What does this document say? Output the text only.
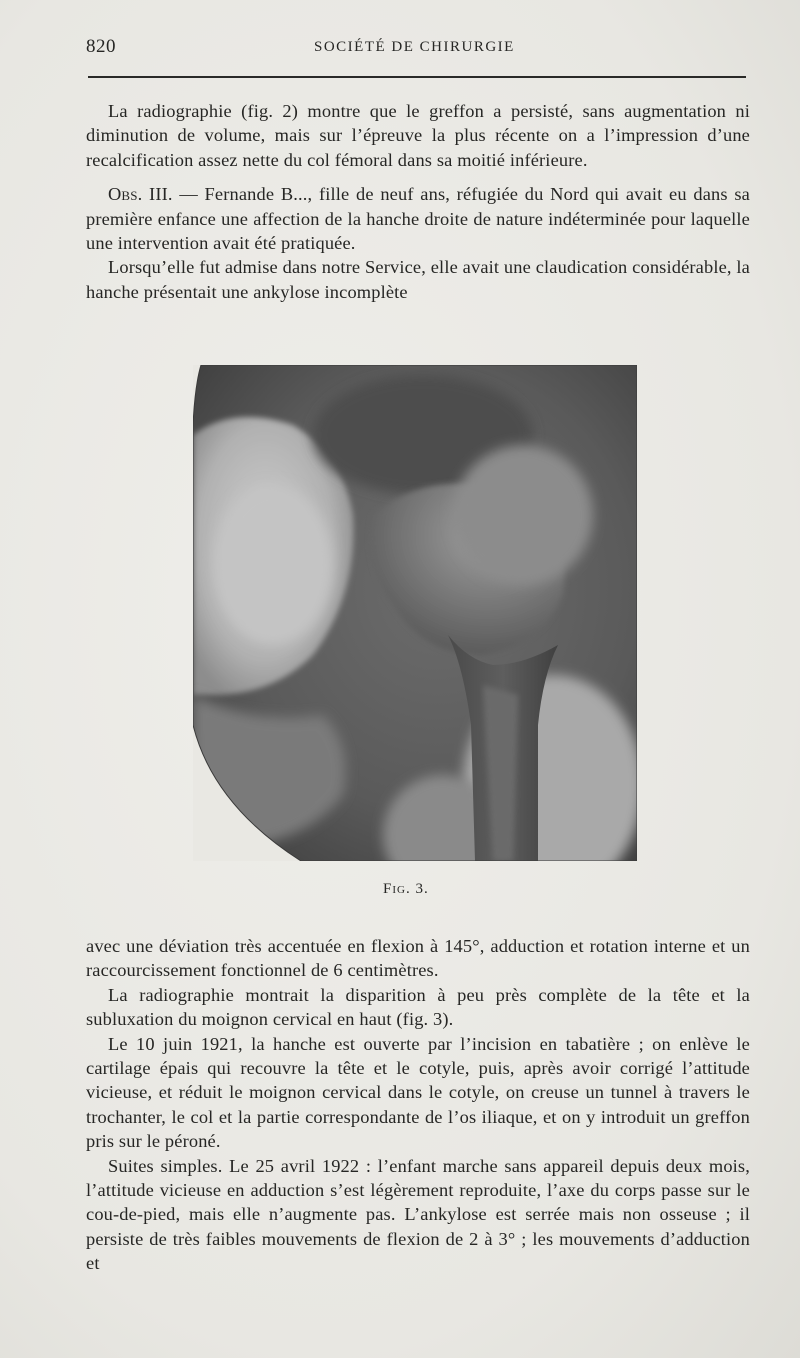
820	SOCIÉTÉ DE CHIRURGIE

La radiographie (fig. 2) montre que le greffon a persisté, sans augmentation ni diminution de volume, mais sur l’épreuve la plus récente on a l’impression d’une recalcification assez nette du col fémoral dans sa moitié inférieure.

Obs. III. — Fernande B..., fille de neuf ans, réfugiée du Nord qui avait eu dans sa première enfance une affection de la hanche droite de nature indéterminée pour laquelle une intervention avait été pratiquée.

Lorsqu’elle fut admise dans notre Service, elle avait une claudication considérable, la hanche présentait une ankylose incomplète

Fig. 3.

avec une déviation très accentuée en flexion à 145°, adduction et rotation interne et un raccourcissement fonctionnel de 6 centimètres.

La radiographie montrait la disparition à peu près complète de la tête et la subluxation du moignon cervical en haut (fig. 3).

Le 10 juin 1921, la hanche est ouverte par l’incision en tabatière ; on enlève le cartilage épais qui recouvre la tête et le cotyle, puis, après avoir corrigé l’attitude vicieuse, et réduit le moignon cervical dans le cotyle, on creuse un tunnel à travers le trochanter, le col et la partie correspondante de l’os iliaque, et on y introduit un greffon pris sur le péroné.

Suites simples. Le 25 avril 1922 : l’enfant marche sans appareil depuis deux mois, l’attitude vicieuse en adduction s’est légèrement reproduite, l’axe du corps passe sur le cou-de-pied, mais elle n’augmente pas. L’ankylose est serrée mais non osseuse ; il persiste de très faibles mouvements de flexion de 2 à 3° ; les mouvements d’adduction et
